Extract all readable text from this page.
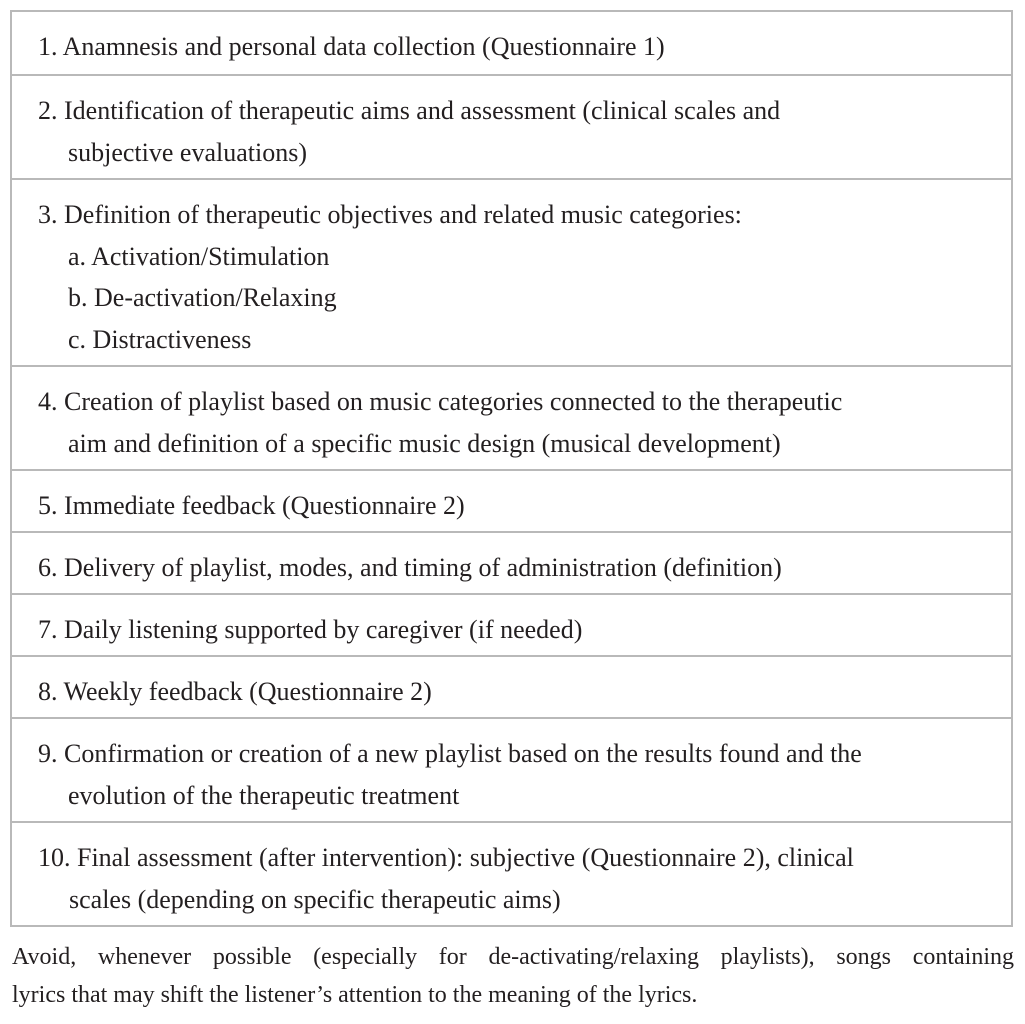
1. Anamnesis and personal data collection (Questionnaire 1)
2. Identification of therapeutic aims and assessment (clinical scales and
subjective evaluations)
3. Definition of therapeutic objectives and related music categories:
a. Activation/Stimulation
b. De-activation/Relaxing
c. Distractiveness
4. Creation of playlist based on music categories connected to the therapeutic
aim and definition of a specific music design (musical development)
5. Immediate feedback (Questionnaire 2)
6. Delivery of playlist, modes, and timing of administration (definition)
7. Daily listening supported by caregiver (if needed)
8. Weekly feedback (Questionnaire 2)
9. Confirmation or creation of a new playlist based on the results found and the
evolution of the therapeutic treatment
10. Final assessment (after intervention): subjective (Questionnaire 2), clinical
scales (depending on specific therapeutic aims)
Avoid, whenever possible (especially for de-activating/relaxing playlists), songs containing
lyrics that may shift the listener’s attention to the meaning of the lyrics.
